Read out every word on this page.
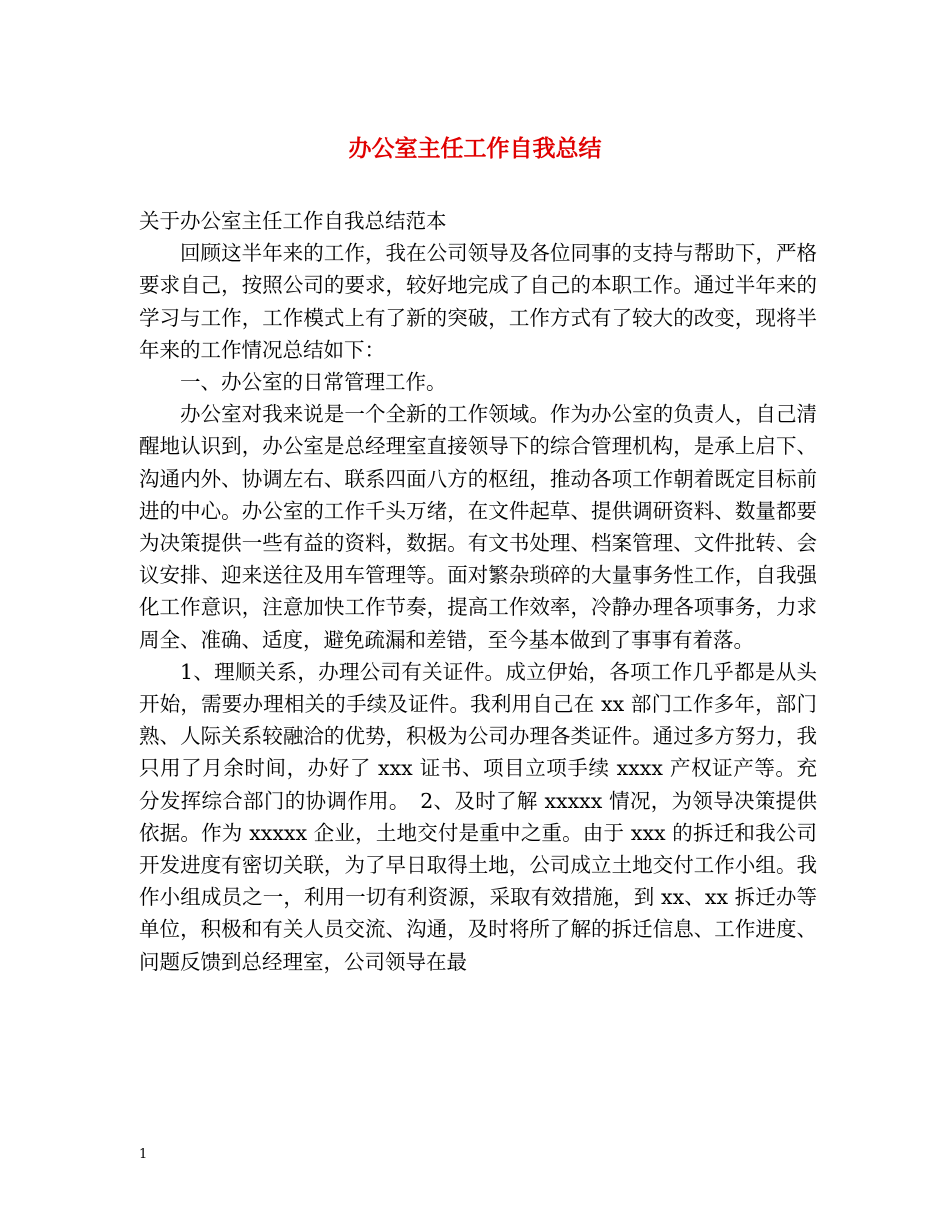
办公室主任工作自我总结

关于办公室主任工作自我总结范本

回顾这半年来的工作，我在公司领导及各位同事的支持与帮助下，严格要求自己，按照公司的要求，较好地完成了自己的本职工作。通过半年来的学习与工作，工作模式上有了新的突破，工作方式有了较大的改变，现将半年来的工作情况总结如下：

一、办公室的日常管理工作。

办公室对我来说是一个全新的工作领域。作为办公室的负责人，自己清醒地认识到，办公室是总经理室直接领导下的综合管理机构，是承上启下、沟通内外、协调左右、联系四面八方的枢纽，推动各项工作朝着既定目标前进的中心。办公室的工作千头万绪，在文件起草、提供调研资料、数量都要为决策提供一些有益的资料，数据。有文书处理、档案管理、文件批转、会议安排、迎来送往及用车管理等。面对繁杂琐碎的大量事务性工作，自我强化工作意识，注意加快工作节奏，提高工作效率，冷静办理各项事务，力求周全、准确、适度，避免疏漏和差错，至今基本做到了事事有着落。

1、理顺关系，办理公司有关证件。成立伊始，各项工作几乎都是从头开始，需要办理相关的手续及证件。我利用自己在 xx 部门工作多年，部门熟、人际关系较融洽的优势，积极为公司办理各类证件。通过多方努力，我只用了月余时间，办好了 xxx 证书、项目立项手续 xxxx 产权证产等。充分发挥综合部门的协调作用。　2、及时了解 xxxxx 情况，为领导决策提供依据。作为 xxxxx 企业，土地交付是重中之重。由于 xxx 的拆迁和我公司开发进度有密切关联，为了早日取得土地，公司成立土地交付工作小组。我作小组成员之一，利用一切有利资源，采取有效措施，到 xx、xx 拆迁办等单位，积极和有关人员交流、沟通，及时将所了解的拆迁信息、工作进度、问题反馈到总经理室，公司领导在最

1
